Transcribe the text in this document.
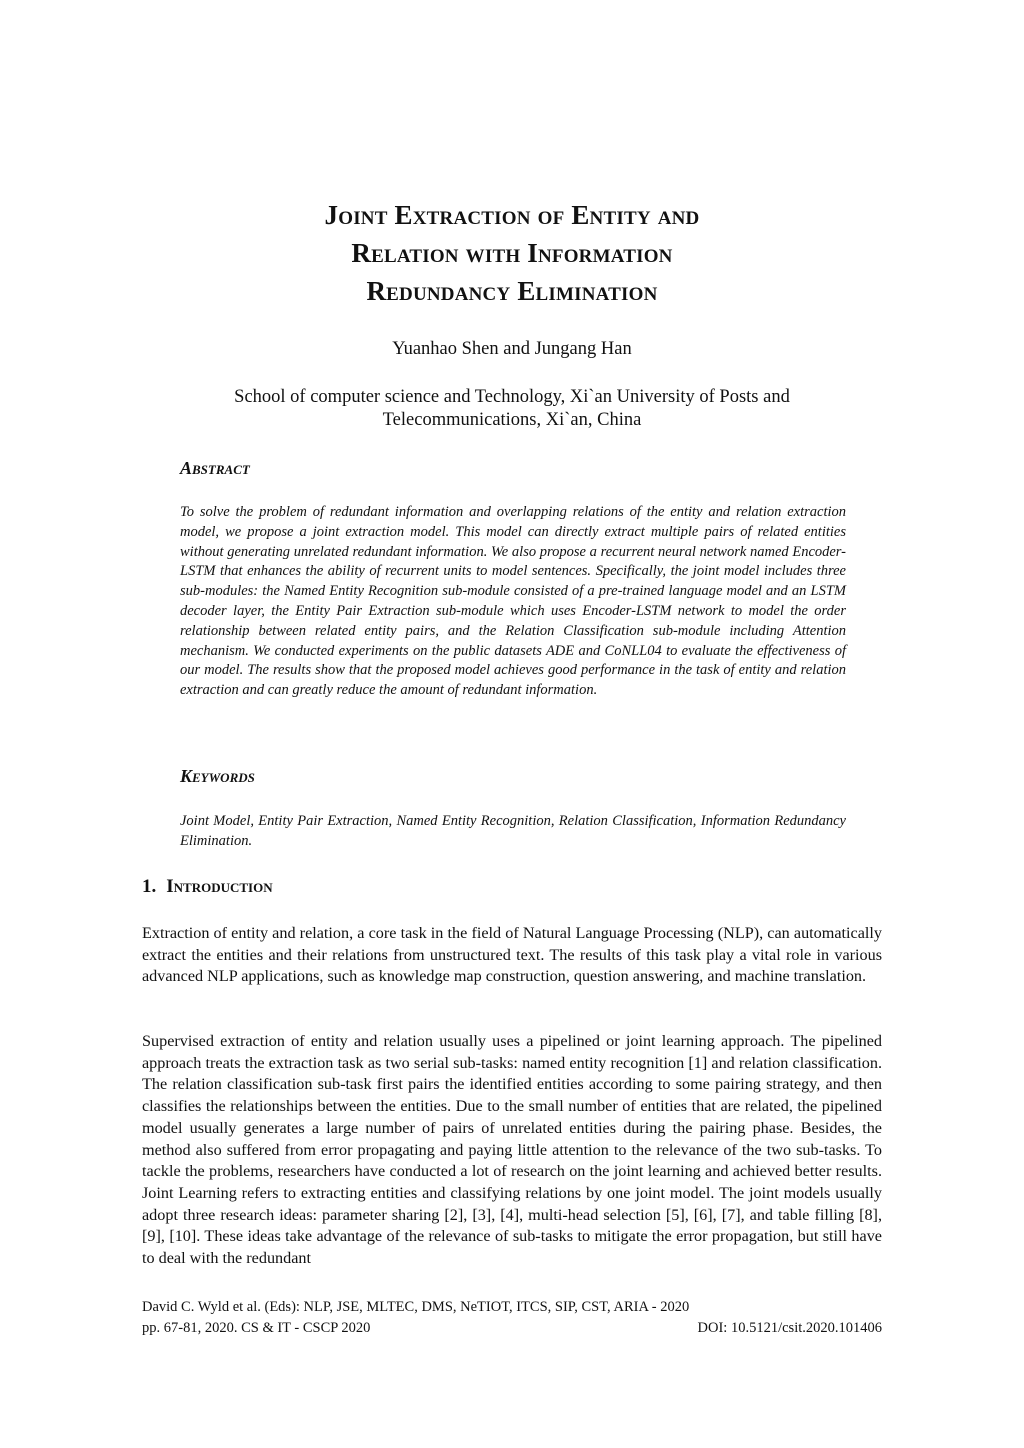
Joint Extraction of Entity and
Relation with Information
Redundancy Elimination

Yuanhao Shen and Jungang Han

School of computer science and Technology, Xi`an University of Posts and
Telecommunications, Xi`an, China

Abstract

To solve the problem of redundant information and overlapping relations of the entity and relation extraction model, we propose a joint extraction model. This model can directly extract multiple pairs of related entities without generating unrelated redundant information. We also propose a recurrent neural network named Encoder-LSTM that enhances the ability of recurrent units to model sentences. Specifically, the joint model includes three sub-modules: the Named Entity Recognition sub-module consisted of a pre-trained language model and an LSTM decoder layer, the Entity Pair Extraction sub-module which uses Encoder-LSTM network to model the order relationship between related entity pairs, and the Relation Classification sub-module including Attention mechanism. We conducted experiments on the public datasets ADE and CoNLL04 to evaluate the effectiveness of our model. The results show that the proposed model achieves good performance in the task of entity and relation extraction and can greatly reduce the amount of redundant information.

Keywords

Joint Model, Entity Pair Extraction, Named Entity Recognition, Relation Classification, Information Redundancy Elimination.

1. Introduction

Extraction of entity and relation, a core task in the field of Natural Language Processing (NLP), can automatically extract the entities and their relations from unstructured text. The results of this task play a vital role in various advanced NLP applications, such as knowledge map construction, question answering, and machine translation.

Supervised extraction of entity and relation usually uses a pipelined or joint learning approach. The pipelined approach treats the extraction task as two serial sub-tasks: named entity recognition [1] and relation classification. The relation classification sub-task first pairs the identified entities according to some pairing strategy, and then classifies the relationships between the entities. Due to the small number of entities that are related, the pipelined model usually generates a large number of pairs of unrelated entities during the pairing phase. Besides, the method also suffered from error propagating and paying little attention to the relevance of the two sub-tasks. To tackle the problems, researchers have conducted a lot of research on the joint learning and achieved better results. Joint Learning refers to extracting entities and classifying relations by one joint model. The joint models usually adopt three research ideas: parameter sharing [2], [3], [4], multi-head selection [5], [6], [7], and table filling [8], [9], [10]. These ideas take advantage of the relevance of sub-tasks to mitigate the error propagation, but still have to deal with the redundant

David C. Wyld et al. (Eds): NLP, JSE, MLTEC, DMS, NeTIOT, ITCS, SIP, CST, ARIA - 2020
pp. 67-81, 2020. CS & IT - CSCP 2020	DOI: 10.5121/csit.2020.101406
